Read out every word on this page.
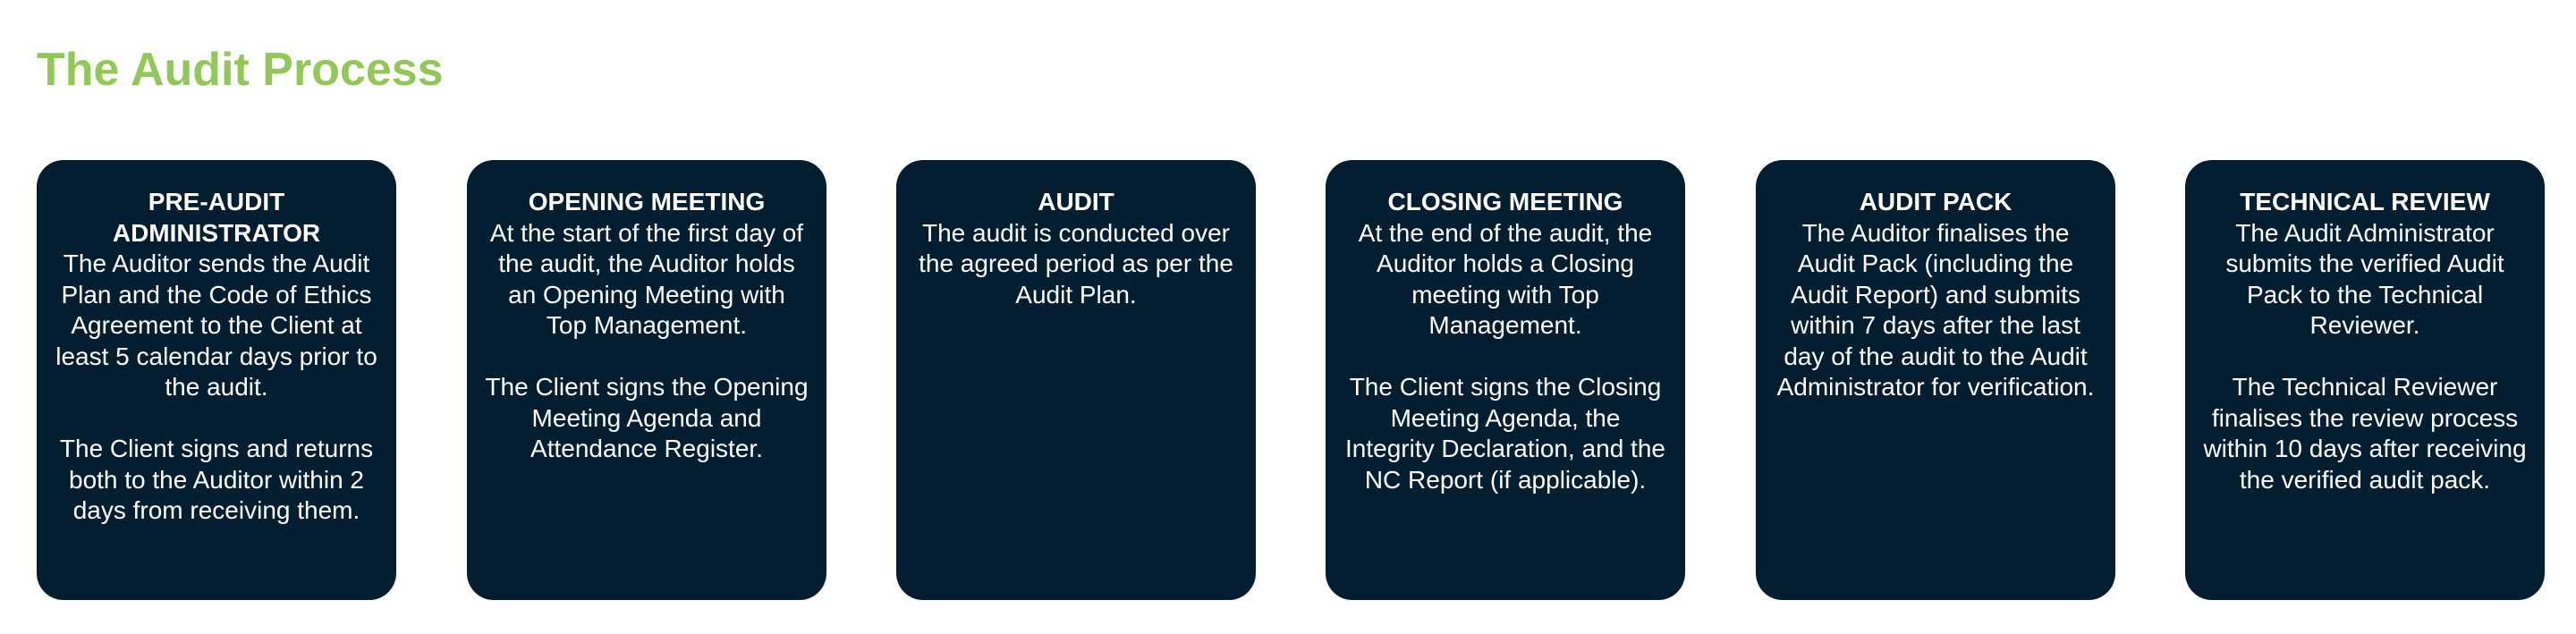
The Audit Process

PRE-AUDIT ADMINISTRATOR

The Auditor sends the Audit Plan and the Code of Ethics Agreement to the Client at least 5 calendar days prior to the audit.

The Client signs and returns both to the Auditor within 2 days from receiving them.

OPENING MEETING

At the start of the first day of the audit, the Auditor holds an Opening Meeting with Top Management.

The Client signs the Opening Meeting Agenda and Attendance Register.

AUDIT

The audit is conducted over the agreed period as per the Audit Plan.

CLOSING MEETING

At the end of the audit, the Auditor holds a Closing meeting with Top Management.

The Client signs the Closing Meeting Agenda, the Integrity Declaration, and the NC Report (if applicable).

AUDIT PACK

The Auditor finalises the Audit Pack (including the Audit Report) and submits within 7 days after the last day of the audit to the Audit Administrator for verification.

TECHNICAL REVIEW

The Audit Administrator submits the verified Audit Pack to the Technical Reviewer.

The Technical Reviewer finalises the review process within 10 days after receiving the verified audit pack.
